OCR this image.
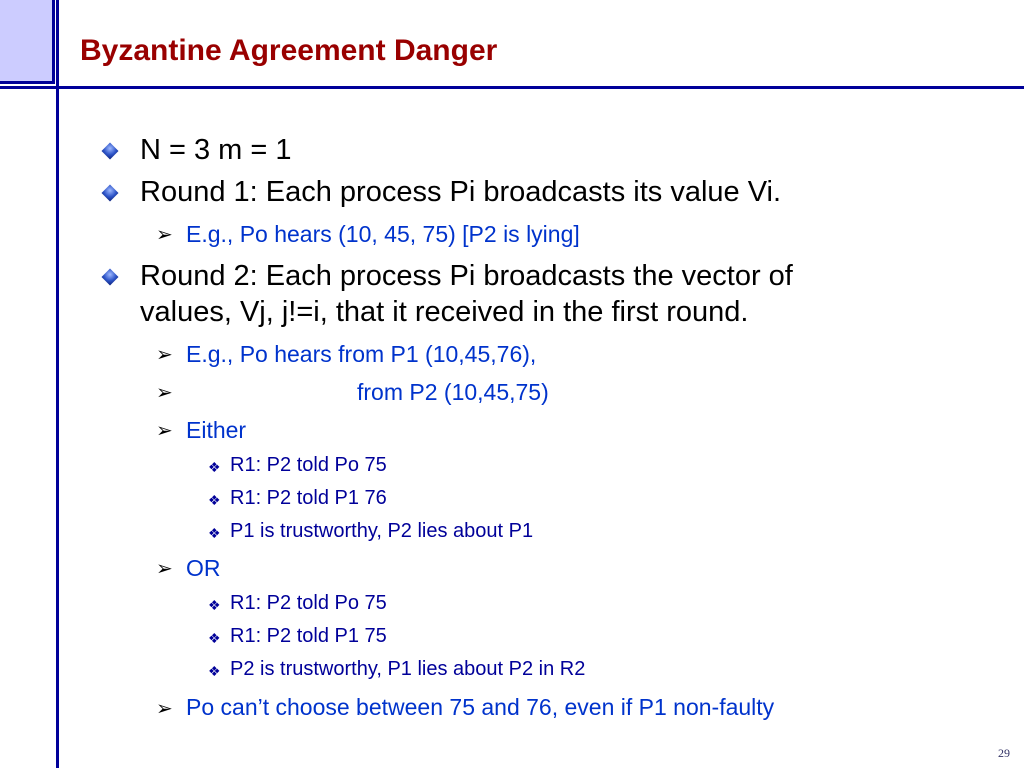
Byzantine Agreement Danger
N = 3 m = 1
Round 1: Each process Pi broadcasts its value Vi.
➢ E.g., Po hears (10, 45, 75) [P2 is lying]
Round 2: Each process Pi broadcasts the vector of
values, Vj, j!=i, that it received in the first round.
➢ E.g., Po hears from P1 (10,45,76),
➢	from P2 (10,45,75)
➢ Either
❖ R1: P2 told Po 75
❖ R1: P2 told P1 76
❖ P1 is trustworthy, P2 lies about P1
➢ OR
❖ R1: P2 told Po 75
❖ R1: P2 told P1 75
❖ P2 is trustworthy, P1 lies about P2 in R2
➢ Po can’t choose between 75 and 76, even if P1 non-faulty
29
